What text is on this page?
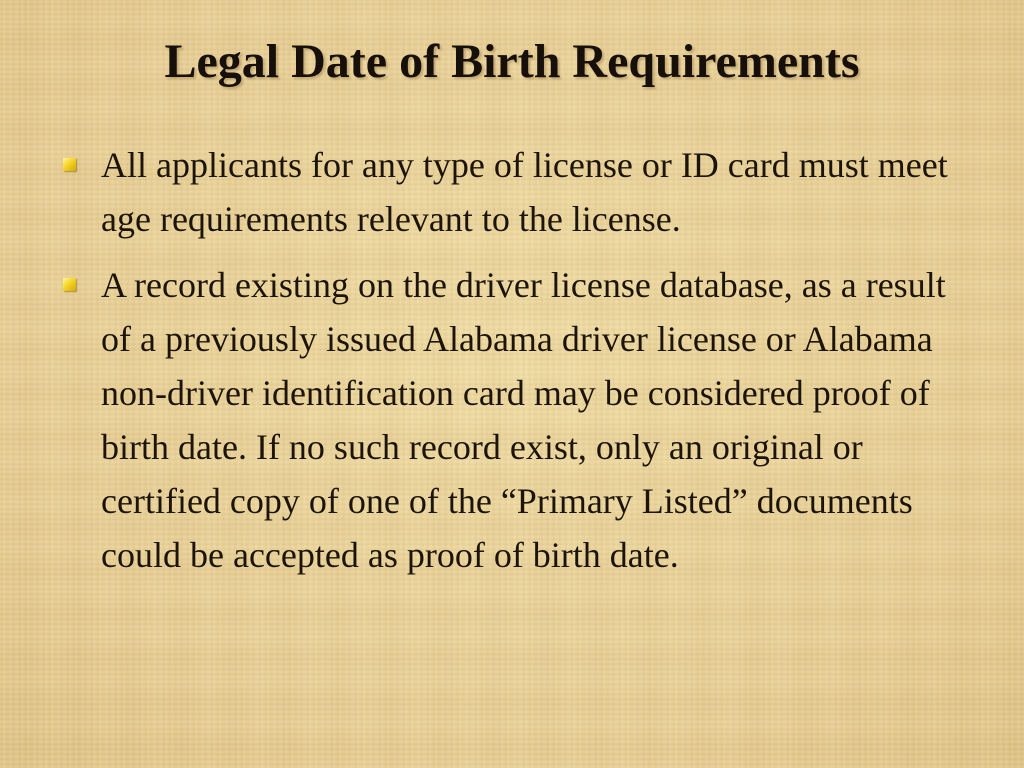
Legal Date of Birth Requirements
All applicants for any type of license or ID card must meet age requirements relevant to the license.
A record existing on the driver license database, as a result of a previously issued Alabama driver license or Alabama non-driver identification card may be considered proof of birth date. If no such record exist, only an original or certified copy of one of the “Primary Listed” documents could be accepted as proof of birth date.
